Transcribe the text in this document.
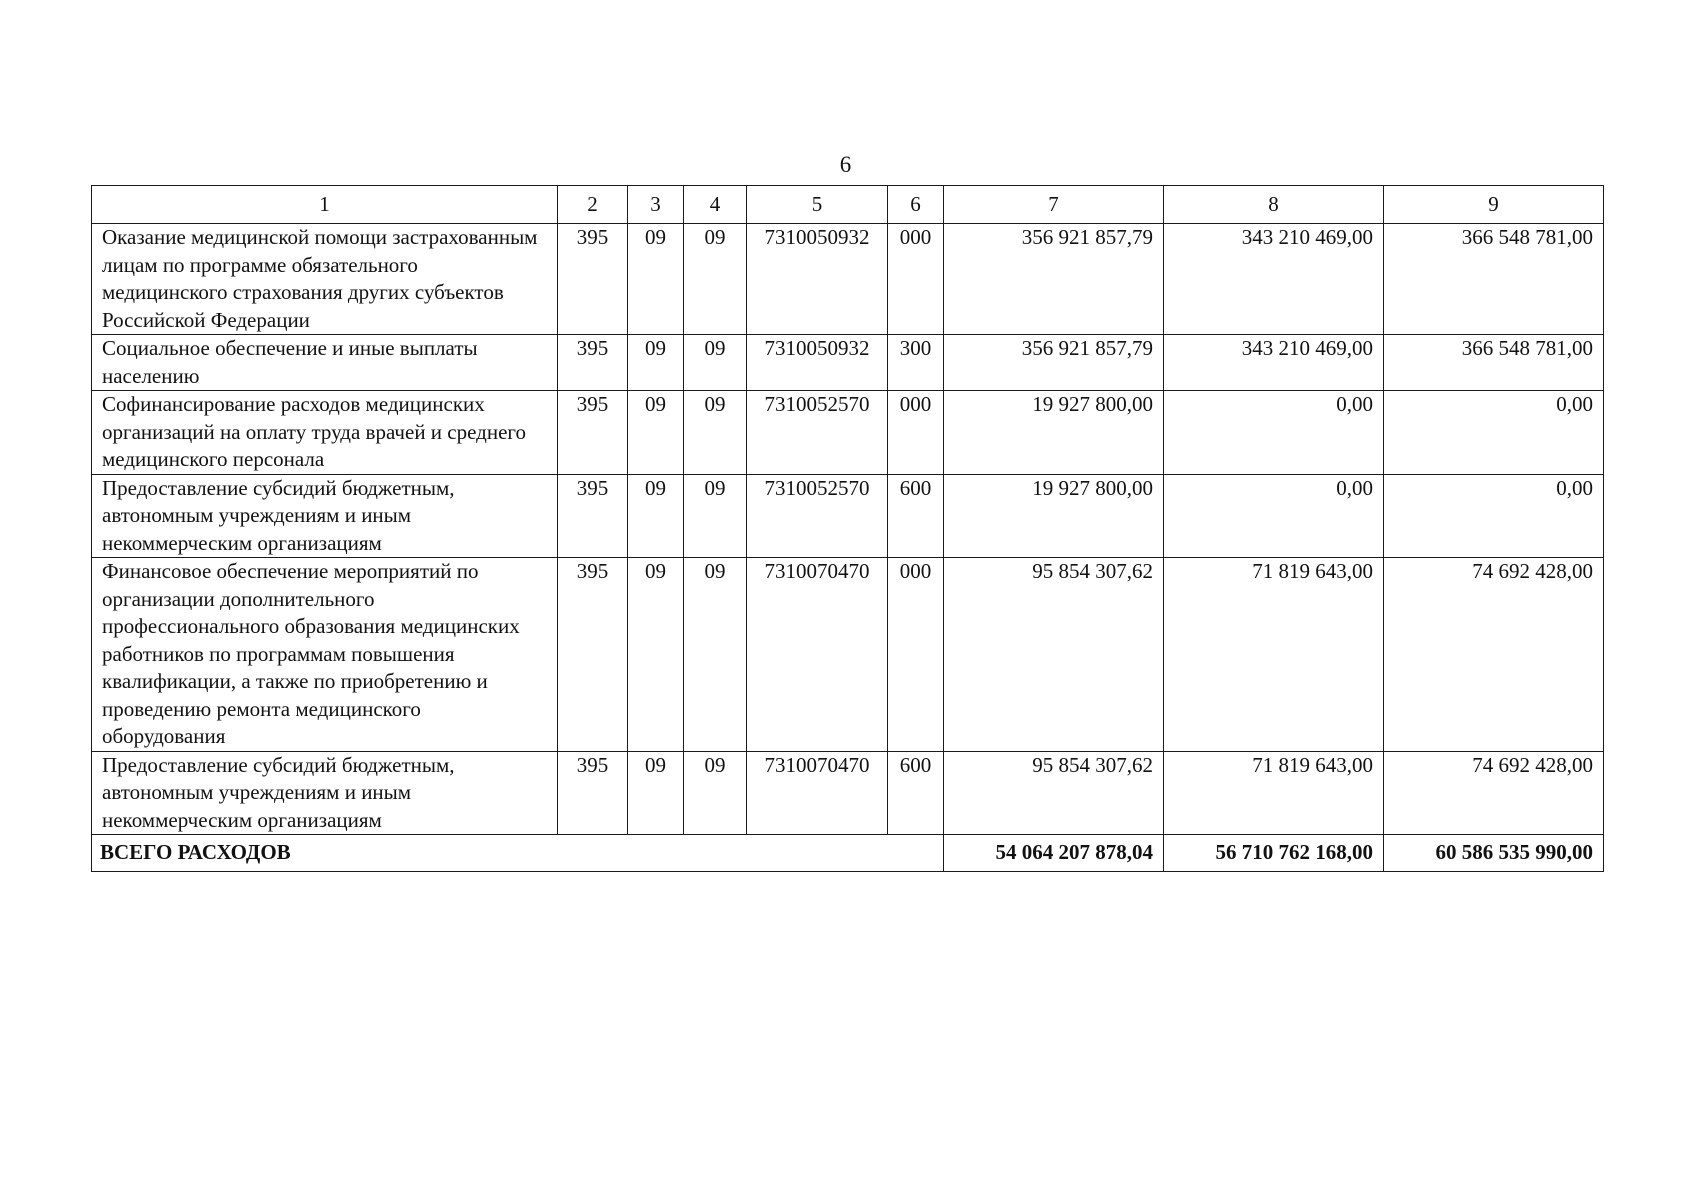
6
1	2	3	4	5	6	7	8	9
Оказание медицинской помощи застрахованным лицам по программе обязательного медицинского страхования других субъектов Российской Федерации	395	09	09	7310050932	000	356 921 857,79	343 210 469,00	366 548 781,00
Социальное обеспечение и иные выплаты населению	395	09	09	7310050932	300	356 921 857,79	343 210 469,00	366 548 781,00
Софинансирование расходов медицинских организаций на оплату труда врачей и среднего медицинского персонала	395	09	09	7310052570	000	19 927 800,00	0,00	0,00
Предоставление субсидий бюджетным, автономным учреждениям и иным некоммерческим организациям	395	09	09	7310052570	600	19 927 800,00	0,00	0,00
Финансовое обеспечение мероприятий по организации дополнительного профессионального образования медицинских работников по программам повышения квалификации, а также по приобретению и проведению ремонта медицинского оборудования	395	09	09	7310070470	000	95 854 307,62	71 819 643,00	74 692 428,00
Предоставление субсидий бюджетным, автономным учреждениям и иным некоммерческим организациям	395	09	09	7310070470	600	95 854 307,62	71 819 643,00	74 692 428,00
ВСЕГО РАСХОДОВ						54 064 207 878,04	56 710 762 168,00	60 586 535 990,00
